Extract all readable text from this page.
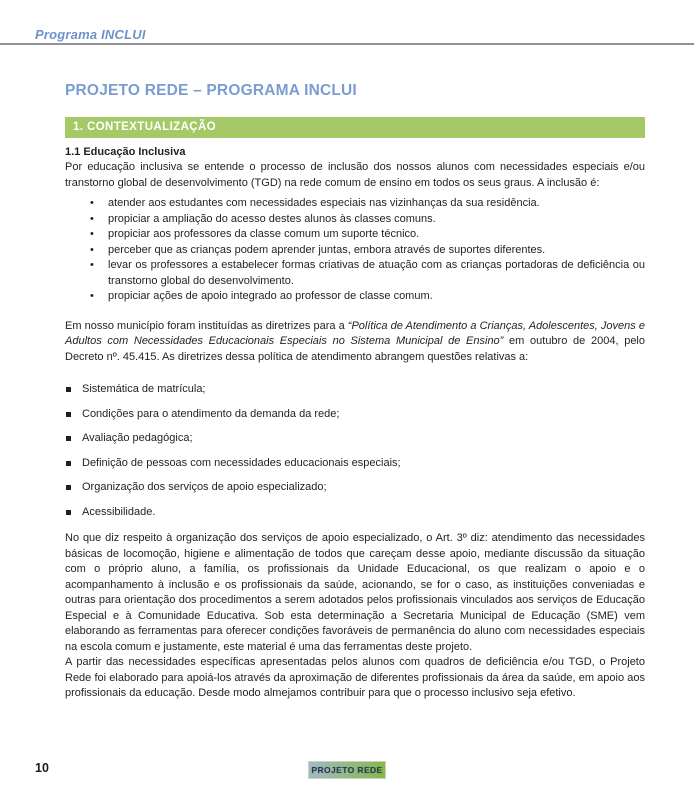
Programa INCLUI
PROJETO REDE – PROGRAMA INCLUI
1. CONTEXTUALIZAÇÃO
1.1 Educação Inclusiva

Por educação inclusiva se entende o processo de inclusão dos nossos alunos com necessidades especiais e/ou transtorno global de desenvolvimento (TGD) na rede comum de ensino em todos os seus graus. A inclusão é:

• atender aos estudantes com necessidades especiais nas vizinhanças da sua residência.
• propiciar a ampliação do acesso destes alunos às classes comuns.
• propiciar aos professores da classe comum um suporte técnico.
• perceber que as crianças podem aprender juntas, embora através de suportes diferentes.
• levar os professores a estabelecer formas criativas de atuação com as crianças portadoras de deficiência ou transtorno global do desenvolvimento.
• propiciar ações de apoio integrado ao professor de classe comum.

Em nosso município foram instituídas as diretrizes para a “Política de Atendimento a Crianças, Adolescentes, Jovens e Adultos com Necessidades Educacionais Especiais no Sistema Municipal de Ensino” em outubro de 2004, pelo Decreto nº. 45.415. As diretrizes dessa política de atendimento abrangem questões relativas a:

Sistemática de matrícula;
Condições para o atendimento da demanda da rede;
Avaliação pedagógica;
Definição de pessoas com necessidades educacionais especiais;
Organização dos serviços de apoio especializado;
Acessibilidade.

No que diz respeito à organização dos serviços de apoio especializado, o Art. 3º diz: atendimento das necessidades básicas de locomoção, higiene e alimentação de todos que careçam desse apoio, mediante discussão da situação com o próprio aluno, a família, os profissionais da Unidade Educacional, os que realizam o apoio e o acompanhamento à inclusão e os profissionais da saúde, acionando, se for o caso, as instituições conveniadas e outras para orientação dos procedimentos a serem adotados pelos profissionais vinculados aos serviços de Educação Especial e à Comunidade Educativa. Sob esta determinação a Secretaria Municipal de Educação (SME) vem elaborando as ferramentas para oferecer condições favoráveis de permanência do aluno com necessidades especiais na escola comum e justamente, este material é uma das ferramentas deste projeto.

A partir das necessidades específicas apresentadas pelos alunos com quadros de deficiência e/ou TGD, o Projeto Rede foi elaborado para apoiá-los através da aproximação de diferentes profissionais da área da saúde, em apoio aos profissionais da educação. Desde modo almejamos contribuir para que o processo inclusivo seja efetivo.

10	PROJETO REDE
